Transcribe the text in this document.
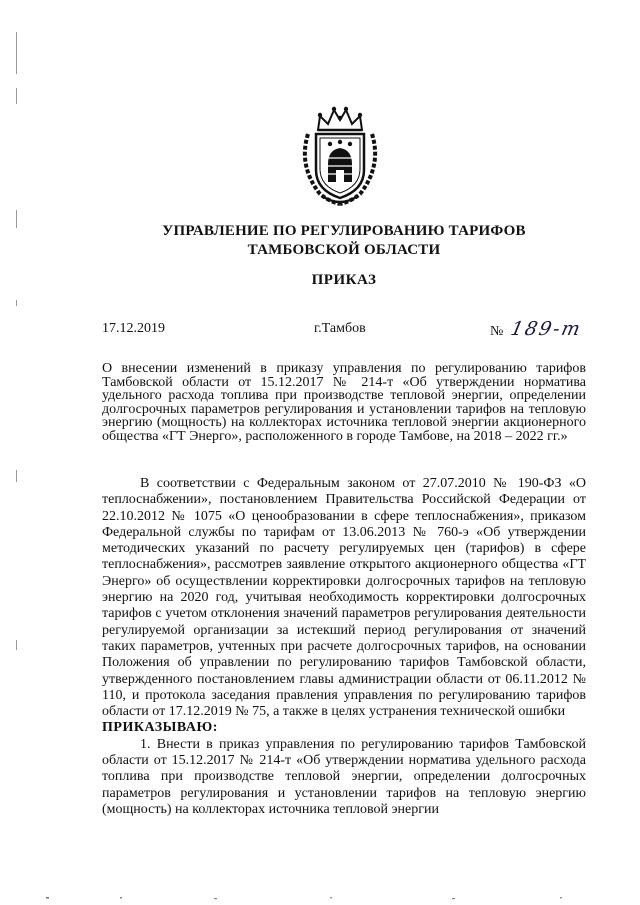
УПРАВЛЕНИЕ ПО РЕГУЛИРОВАНИЮ ТАРИФОВ
ТАМБОВСКОЙ ОБЛАСТИ
ПРИКАЗ
17.12.2019	г.Тамбов	№ 189-т
О внесении изменений в приказу управления по регулированию тарифов Тамбовской области от 15.12.2017 № 214-т «Об утверждении норматива удельного расхода топлива при производстве тепловой энергии, определении долгосрочных параметров регулирования и установлении тарифов на тепловую энергию (мощность) на коллекторах источника тепловой энергии акционерного общества «ГТ Энерго», расположенного в городе Тамбове, на 2018 – 2022 гг.»

В соответствии с Федеральным законом от 27.07.2010 № 190-ФЗ «О теплоснабжении», постановлением Правительства Российской Федерации от 22.10.2012 № 1075 «О ценообразовании в сфере теплоснабжения», приказом Федеральной службы по тарифам от 13.06.2013 № 760-э «Об утверждении методических указаний по расчету регулируемых цен (тарифов) в сфере теплоснабжения», рассмотрев заявление открытого акционерного общества «ГТ Энерго» об осуществлении корректировки долгосрочных тарифов на тепловую энергию на 2020 год, учитывая необходимость корректировки долгосрочных тарифов с учетом отклонения значений параметров регулирования деятельности регулируемой организации за истекший период регулирования от значений таких параметров, учтенных при расчете долгосрочных тарифов, на основании Положения об управлении по регулированию тарифов Тамбовской области, утвержденного постановлением главы администрации области от 06.11.2012 № 110, и протокола заседания правления управления по регулированию тарифов области от 17.12.2019 № 75, а также в целях устранения технической ошибки

ПРИКАЗЫВАЮ:

1. Внести в приказ управления по регулированию тарифов Тамбовской области от 15.12.2017 № 214-т «Об утверждении норматива удельного расхода топлива при производстве тепловой энергии, определении долгосрочных параметров регулирования и установлении тарифов на тепловую энергию (мощность) на коллекторах источника тепловой энергии
